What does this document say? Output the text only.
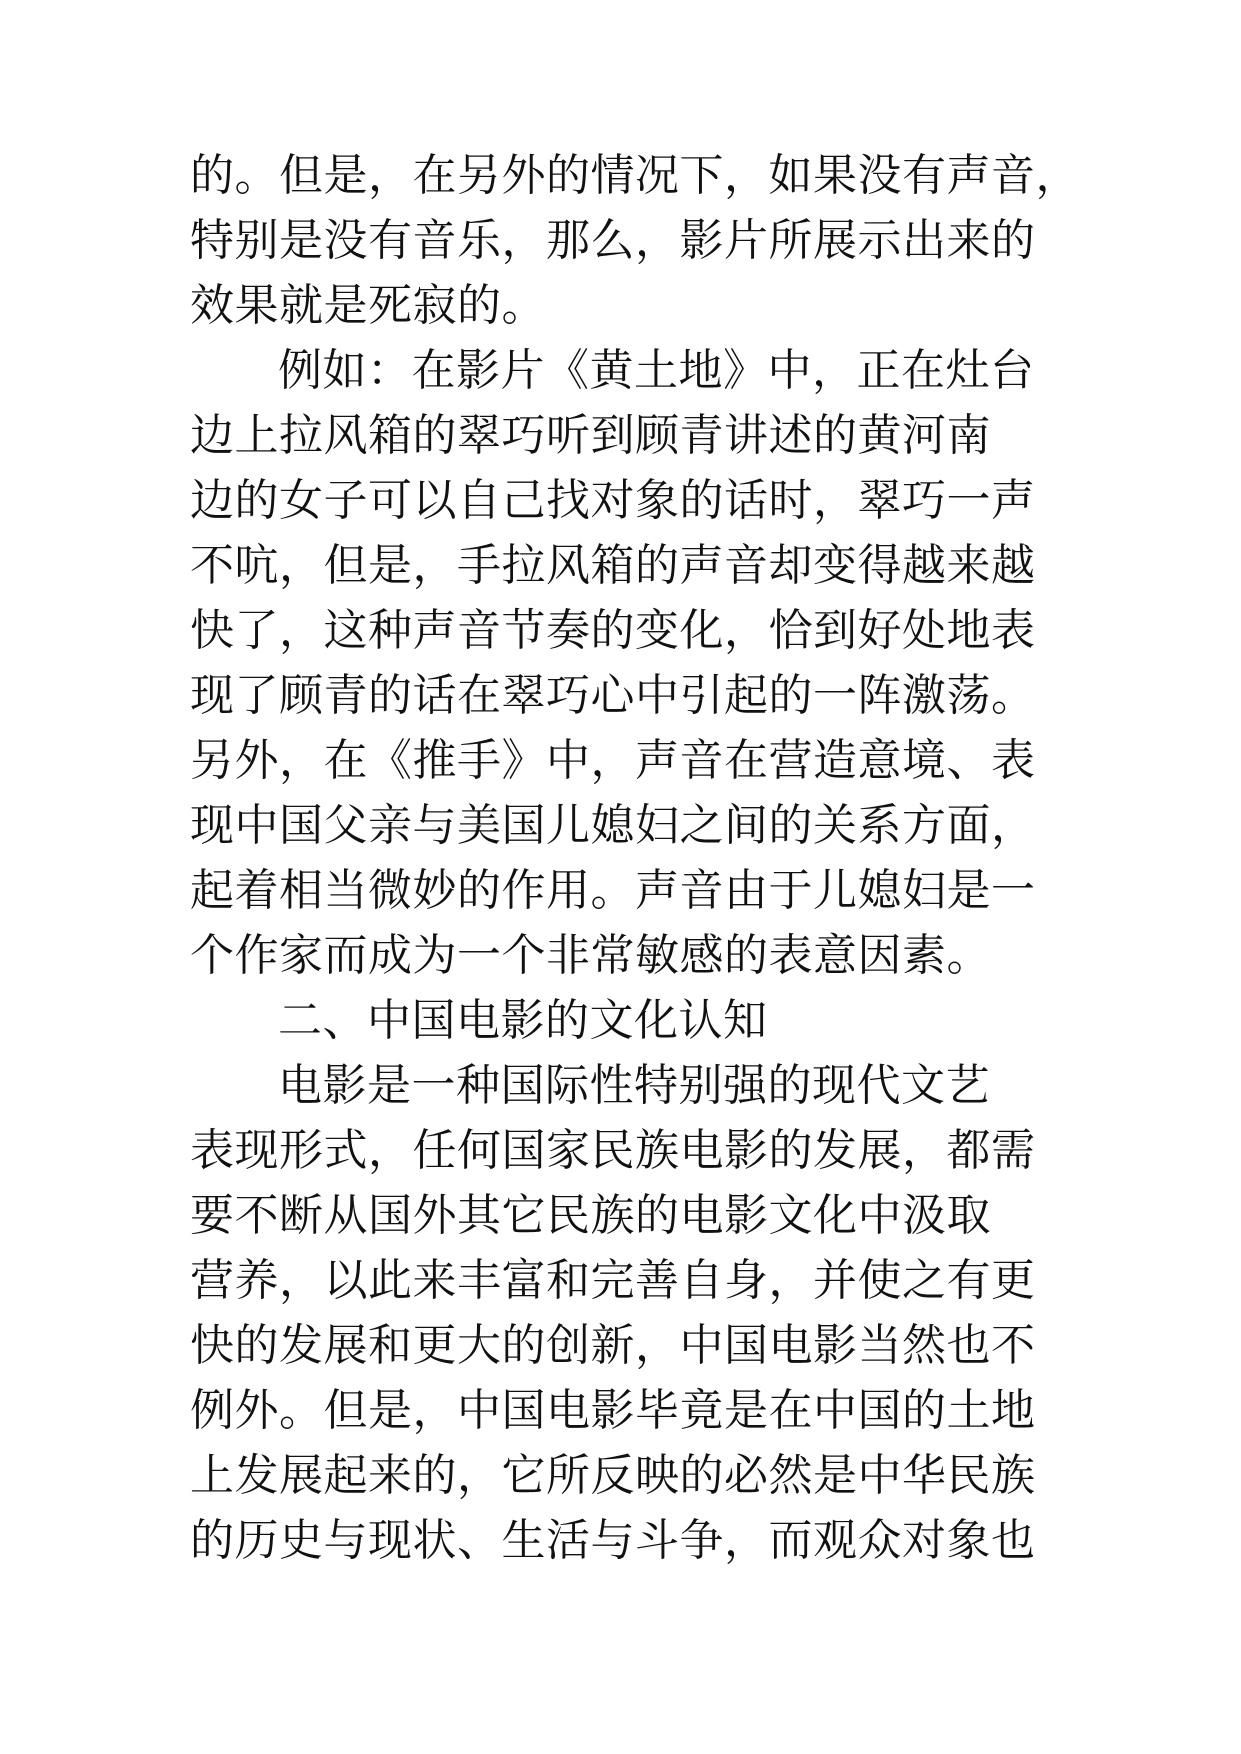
的。但是，在另外的情况下，如果没有声音，
特别是没有音乐，那么，影片所展示出来的
效果就是死寂的。
例如：在影片《黄土地》中，正在灶台
边上拉风箱的翠巧听到顾青讲述的黄河南
边的女子可以自己找对象的话时，翠巧一声
不吭，但是，手拉风箱的声音却变得越来越
快了，这种声音节奏的变化，恰到好处地表
现了顾青的话在翠巧心中引起的一阵激荡。
另外，在《推手》中，声音在营造意境、表
现中国父亲与美国儿媳妇之间的关系方面，
起着相当微妙的作用。声音由于儿媳妇是一
个作家而成为一个非常敏感的表意因素。
二、中国电影的文化认知
电影是一种国际性特别强的现代文艺
表现形式，任何国家民族电影的发展，都需
要不断从国外其它民族的电影文化中汲取
营养，以此来丰富和完善自身，并使之有更
快的发展和更大的创新，中国电影当然也不
例外。但是，中国电影毕竟是在中国的土地
上发展起来的，它所反映的必然是中华民族
的历史与现状、生活与斗争，而观众对象也
